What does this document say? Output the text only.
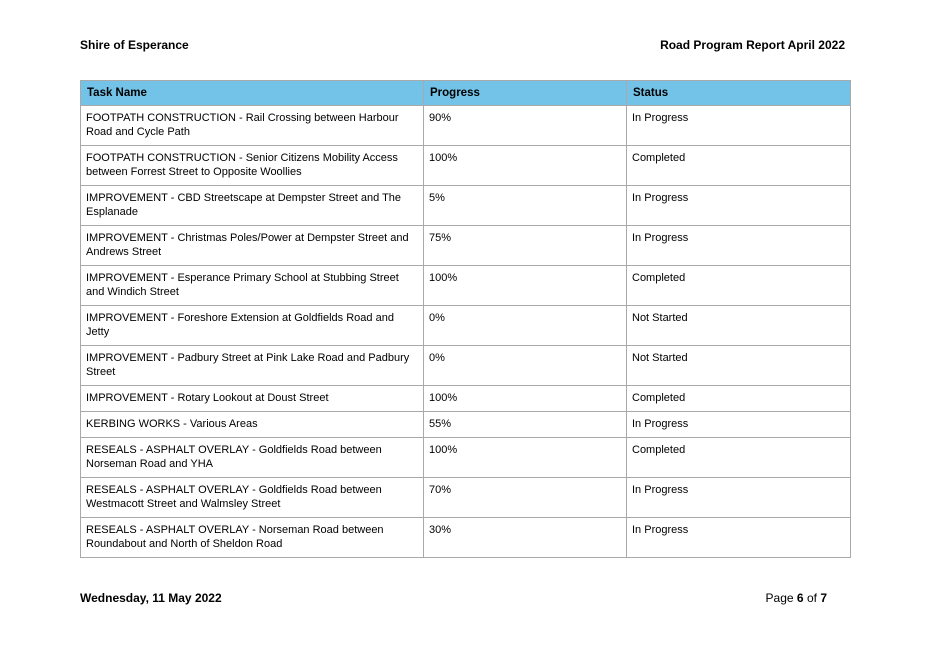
Shire of Esperance	Road Program Report April 2022
Task Name	Progress	Status
FOOTPATH CONSTRUCTION - Rail Crossing between Harbour Road and Cycle Path	90%	In Progress
FOOTPATH CONSTRUCTION - Senior Citizens Mobility Access between Forrest Street to Opposite Woollies	100%	Completed
IMPROVEMENT - CBD Streetscape at Dempster Street and The Esplanade	5%	In Progress
IMPROVEMENT - Christmas Poles/Power at Dempster Street and Andrews Street	75%	In Progress
IMPROVEMENT - Esperance Primary School at Stubbing Street and Windich Street	100%	Completed
IMPROVEMENT - Foreshore Extension at Goldfields Road and Jetty	0%	Not Started
IMPROVEMENT - Padbury Street at Pink Lake Road and Padbury Street	0%	Not Started
IMPROVEMENT - Rotary Lookout at Doust Street	100%	Completed
KERBING WORKS - Various Areas	55%	In Progress
RESEALS - ASPHALT OVERLAY - Goldfields Road between Norseman Road and YHA	100%	Completed
RESEALS - ASPHALT OVERLAY - Goldfields Road between Westmacott Street and Walmsley Street	70%	In Progress
RESEALS - ASPHALT OVERLAY - Norseman Road between Roundabout and North of Sheldon Road	30%	In Progress
Wednesday, 11 May 2022	Page 6 of 7
